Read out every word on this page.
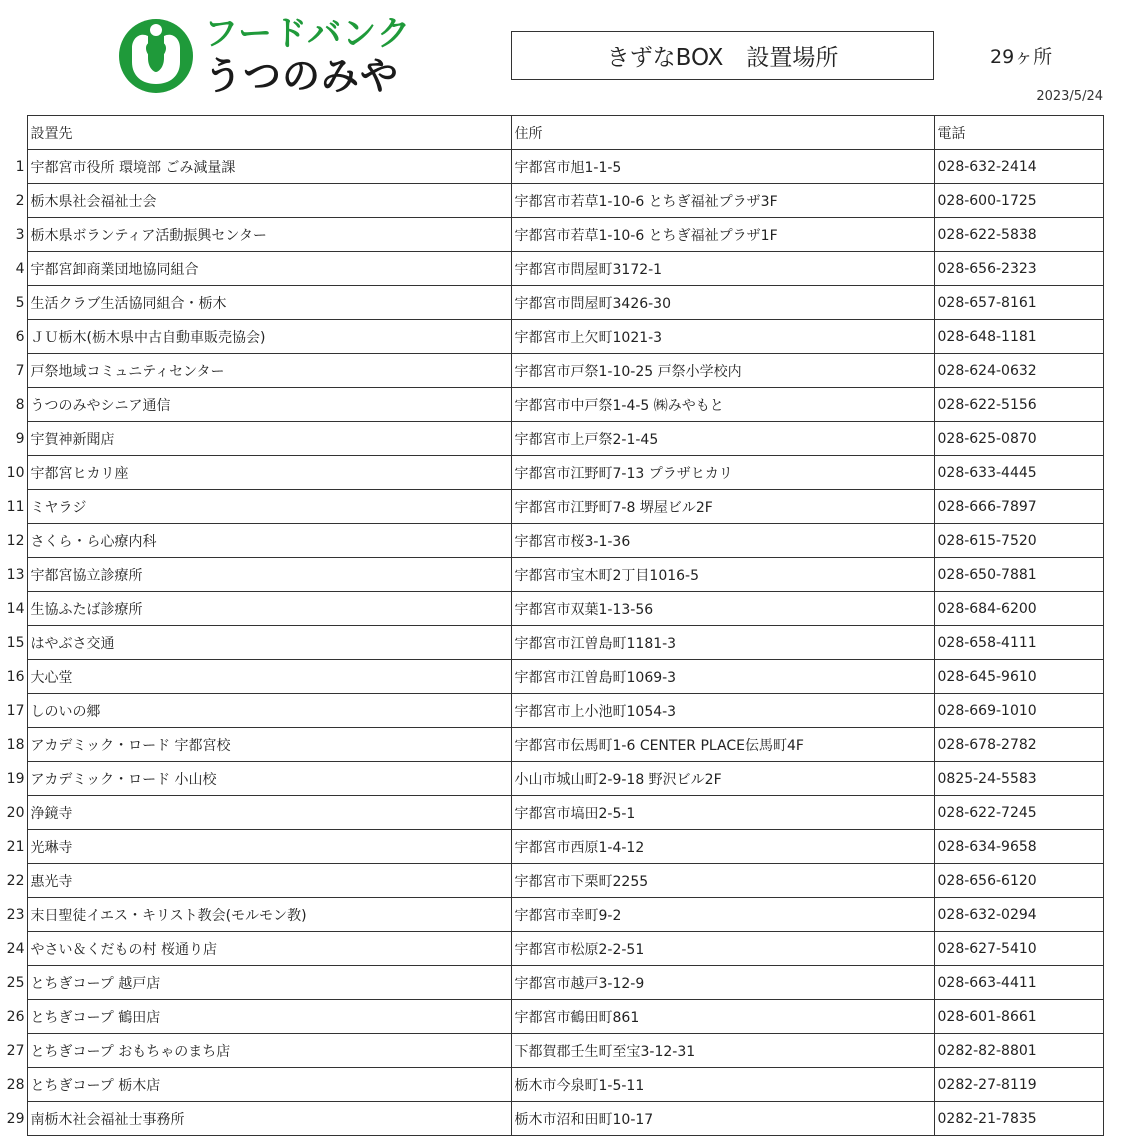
フードバンク
うつのみや	きずなBOX　設置場所	29ヶ所
2023/5/24
	設置先	住所	電話
1	宇都宮市役所 環境部 ごみ減量課	宇都宮市旭1-1-5	028-632-2414
2	栃木県社会福祉士会	宇都宮市若草1-10-6 とちぎ福祉プラザ3F	028-600-1725
3	栃木県ボランティア活動振興センター	宇都宮市若草1-10-6 とちぎ福祉プラザ1F	028-622-5838
4	宇都宮卸商業団地協同組合	宇都宮市問屋町3172-1	028-656-2323
5	生活クラブ生活協同組合・栃木	宇都宮市問屋町3426-30	028-657-8161
6	ＪＵ栃木(栃木県中古自動車販売協会)	宇都宮市上欠町1021-3	028-648-1181
7	戸祭地域コミュニティセンター	宇都宮市戸祭1-10-25 戸祭小学校内	028-624-0632
8	うつのみやシニア通信	宇都宮市中戸祭1-4-5 ㈱みやもと	028-622-5156
9	宇賀神新聞店	宇都宮市上戸祭2-1-45	028-625-0870
10	宇都宮ヒカリ座	宇都宮市江野町7-13 プラザヒカリ	028-633-4445
11	ミヤラジ	宇都宮市江野町7-8 堺屋ビル2F	028-666-7897
12	さくら・ら心療内科	宇都宮市桜3-1-36	028-615-7520
13	宇都宮協立診療所	宇都宮市宝木町2丁目1016-5	028-650-7881
14	生協ふたば診療所	宇都宮市双葉1-13-56	028-684-6200
15	はやぶさ交通	宇都宮市江曽島町1181-3	028-658-4111
16	大心堂	宇都宮市江曽島町1069-3	028-645-9610
17	しのいの郷	宇都宮市上小池町1054-3	028-669-1010
18	アカデミック・ロード 宇都宮校	宇都宮市伝馬町1-6 CENTER PLACE伝馬町4F	028-678-2782
19	アカデミック・ロード 小山校	小山市城山町2-9-18 野沢ビル2F	0825-24-5583
20	浄鏡寺	宇都宮市塙田2-5-1	028-622-7245
21	光琳寺	宇都宮市西原1-4-12	028-634-9658
22	惠光寺	宇都宮市下栗町2255	028-656-6120
23	末日聖徒イエス・キリスト教会(モルモン教)	宇都宮市幸町9-2	028-632-0294
24	やさい＆くだもの村 桜通り店	宇都宮市松原2-2-51	028-627-5410
25	とちぎコープ 越戸店	宇都宮市越戸3-12-9	028-663-4411
26	とちぎコープ 鶴田店	宇都宮市鶴田町861	028-601-8661
27	とちぎコープ おもちゃのまち店	下都賀郡壬生町至宝3-12-31	0282-82-8801
28	とちぎコープ 栃木店	栃木市今泉町1-5-11	0282-27-8119
29	南栃木社会福祉士事務所	栃木市沼和田町10-17	0282-21-7835
